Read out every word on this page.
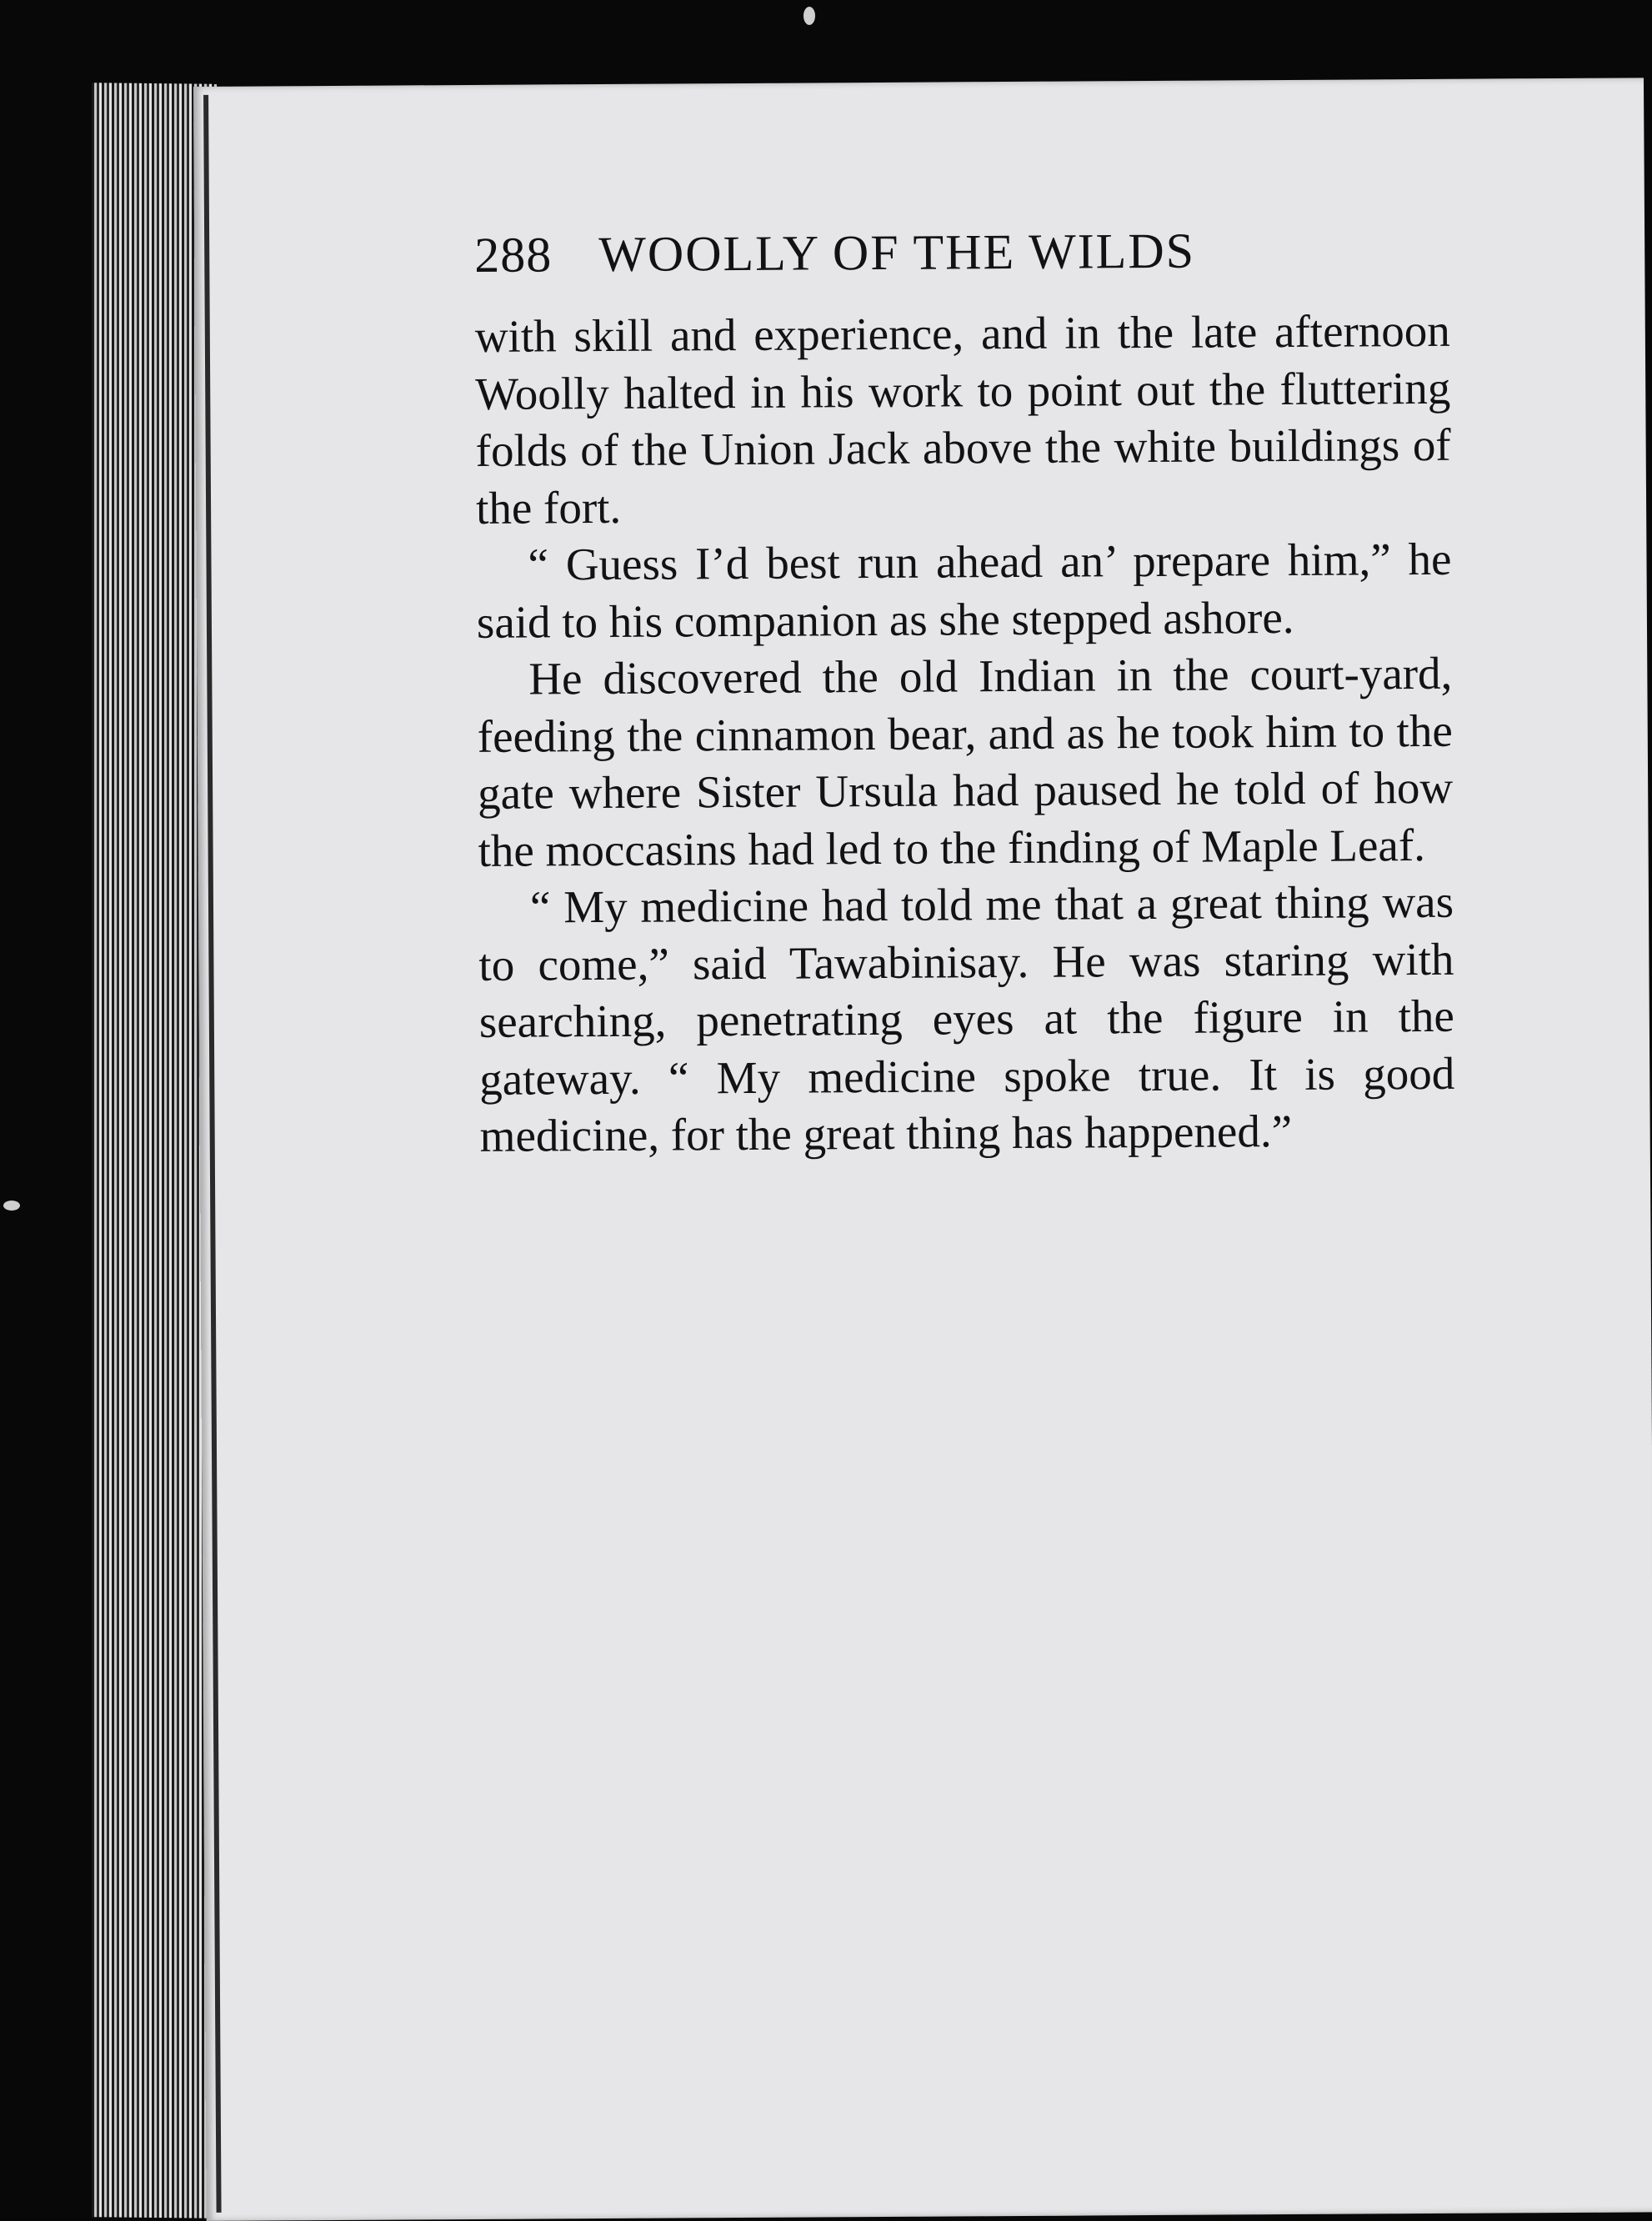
288 WOOLLY OF THE WILDS

with skill and experience, and in the late afternoon Woolly halted in his work to point out the fluttering folds of the Union Jack above the white buildings of the fort.

“ Guess I’d best run ahead an’ prepare him,” he said to his companion as she stepped ashore.

He discovered the old Indian in the court-yard, feeding the cinnamon bear, and as he took him to the gate where Sister Ursula had paused he told of how the moccasins had led to the finding of Maple Leaf.

“ My medicine had told me that a great thing was to come,” said Tawabinisay. He was staring with searching, penetrating eyes at the figure in the gateway. “ My medicine spoke true. It is good medicine, for the great thing has happened.”
